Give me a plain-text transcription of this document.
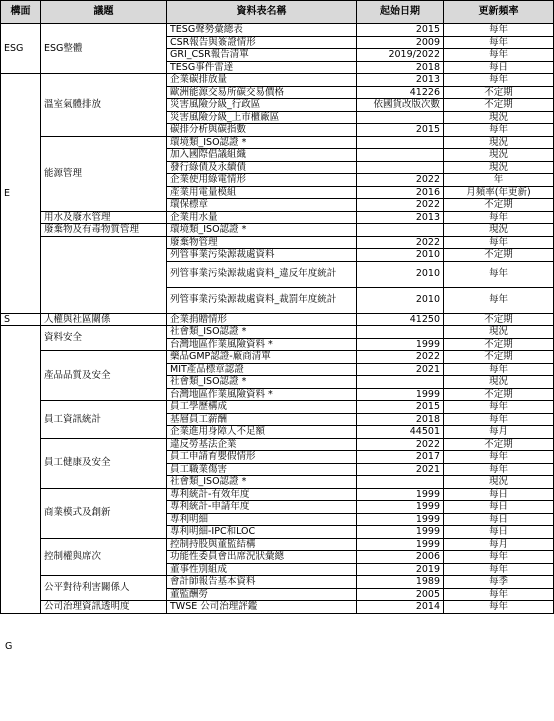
構面	議題	資料表名稱	起始日期	更新頻率
ESG	ESG整體	TESG聲勢彙總表	2015	每年
		CSR報告與簽證情形	2009	每年
		GRI_CSR報告清單	2019/2022	每年
		TESG事件雷達	2018	每日
E	溫室氣體排放	企業碳排放量	2013	每年
		歐洲能源交易所碳交易價格	41226	不定期
		災害風險分級_行政區	依國貨改版次數	不定期
		災害風險分級_上市櫃廠區		現況
		碳排分析與碳指數	2015	每年
	能源管理	環境類_ISO認證 *		現況
		加入國際倡議組織		現況
		發行綠債及永續債		現況
		企業使用綠電情形	2022	年
		產業用電量模組	2016	月頻率(年更新)
		環保標章	2022	不定期
	用水及廢水管理	企業用水量	2013	每年
	廢棄物及有毒物質管理	環境類_ISO認證 *		現況
		廢棄物管理	2022	每年
		列管事業污染源裁處資料	2010	不定期
		列管事業污染源裁處資料_違反年度統計	2010	每年
		列管事業污染源裁處資料_裁罰年度統計	2010	每年
S	人權與社區關係	企業捐贈情形	41250	不定期
	資料安全	社會類_ISO認證 *		現況
		台灣地區作業風險資料 *	1999	不定期
	產品品質及安全	藥品GMP認證-廠商清單	2022	不定期
		MIT產品標章認證	2021	每年
		社會類_ISO認證 *		現況
		台灣地區作業風險資料 *	1999	不定期
	員工資訊統計	員工學歷構成	2015	每年
		基層員工薪酬	2018	每年
		企業進用身障人不足額	44501	每月
	員工健康及安全	違反勞基法企業	2022	不定期
		員工申請育嬰假情形	2017	每年
		員工職業傷害	2021	每年
		社會類_ISO認證 *		現況
	商業模式及創新	專利統計-有效年度	1999	每日
		專利統計-申請年度	1999	每日
		專利明細	1999	每日
		專利明細-IPC和LOC	1999	每日
	控制權與席次	控制持股與董監結構	1999	每月
		功能性委員會出席況狀彙總	2006	每年
		董事性別組成	2019	每年
	公平對待利害關係人	會計師報告基本資料	1989	每季
		董監酬勞	2005	每年
	公司治理資訊透明度	TWSE 公司治理評鑑	2014	每年
G
